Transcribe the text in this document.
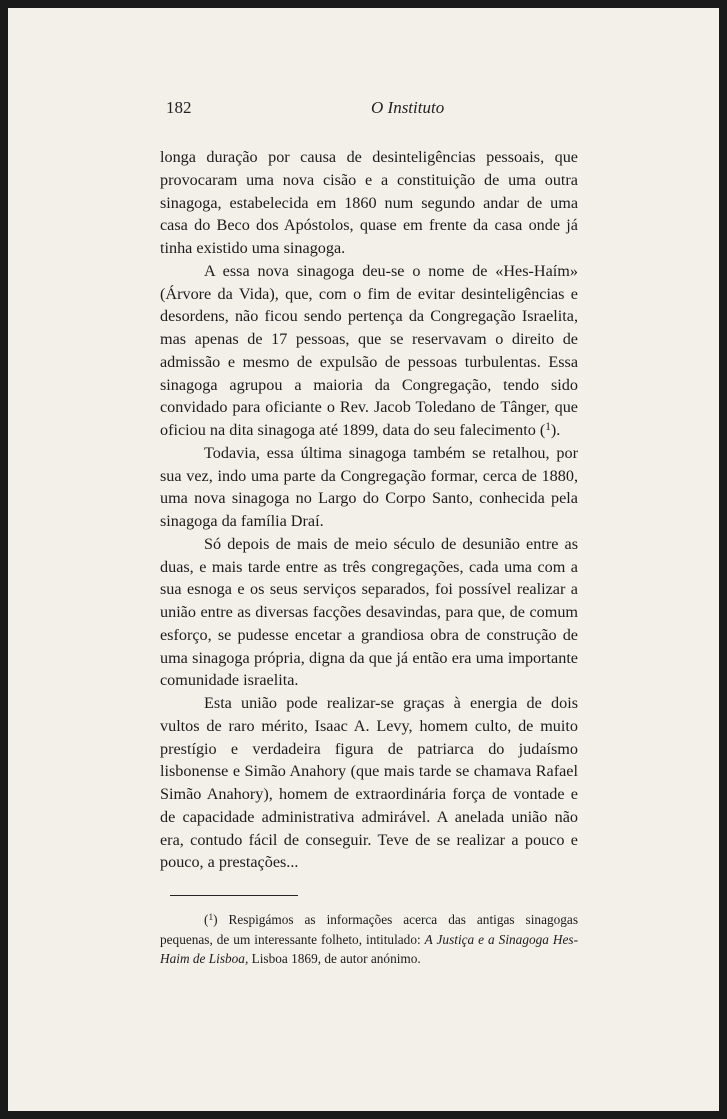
182	O Instituto

longa duração por causa de desinteligências pessoais, que provocaram uma nova cisão e a constituição de uma outra sinagoga, estabelecida em 1860 num segundo andar de uma casa do Beco dos Apóstolos, quase em frente da casa onde já tinha existido uma sinagoga.

A essa nova sinagoga deu-se o nome de «Hes-Haím» (Árvore da Vida), que, com o fim de evitar desinteligências e desordens, não ficou sendo pertença da Congregação Israelita, mas apenas de 17 pessoas, que se reservavam o direito de admissão e mesmo de expulsão de pessoas turbulentas. Essa sinagoga agrupou a maioria da Congregação, tendo sido convidado para oficiante o Rev. Jacob Toledano de Tânger, que oficiou na dita sinagoga até 1899, data do seu falecimento ($^1$).

Todavia, essa última sinagoga também se retalhou, por sua vez, indo uma parte da Congregação formar, cerca de 1880, uma nova sinagoga no Largo do Corpo Santo, conhecida pela sinagoga da família Draí.

Só depois de mais de meio século de desunião entre as duas, e mais tarde entre as três congregações, cada uma com a sua esnoga e os seus serviços separados, foi possível realizar a união entre as diversas facções desavindas, para que, de comum esforço, se pudesse encetar a grandiosa obra de construção de uma sinagoga própria, digna da que já então era uma importante comunidade israelita.

Esta união pode realizar-se graças à energia de dois vultos de raro mérito, Isaac A. Levy, homem culto, de muito prestígio e verdadeira figura de patriarca do judaísmo lisbonense e Simão Anahory (que mais tarde se chamava Rafael Simão Anahory), homem de extraordinária força de vontade e de capacidade administrativa admirável. A anelada união não era, contudo fácil de conseguir. Teve de se realizar a pouco e pouco, a prestações...

($^1$) Respigámos as informações acerca das antigas sinagogas pequenas, de um interessante folheto, intitulado: A Justiça e a Sinagoga Hes-Haim de Lisboa, Lisboa 1869, de autor anónimo.
